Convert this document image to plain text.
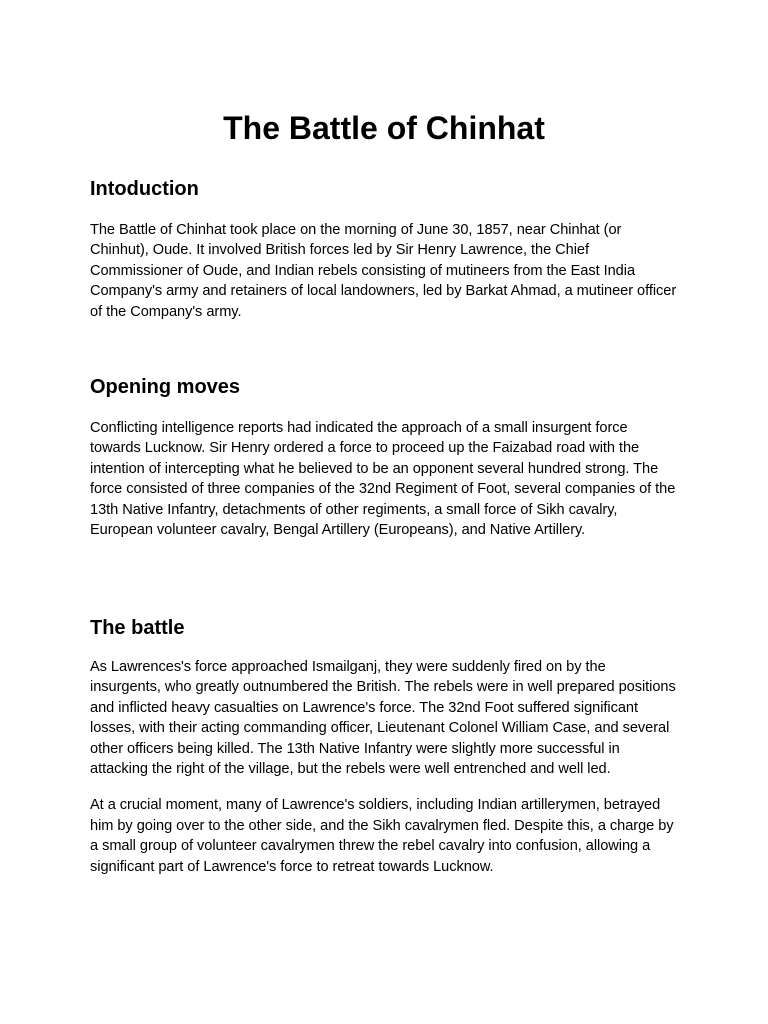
The Battle of Chinhat
Intoduction

The Battle of Chinhat took place on the morning of June 30, 1857, near Chinhat (or Chinhut), Oude. It involved British forces led by Sir Henry Lawrence, the Chief Commissioner of Oude, and Indian rebels consisting of mutineers from the East India Company's army and retainers of local landowners, led by Barkat Ahmad, a mutineer officer of the Company's army.

Opening moves

Conflicting intelligence reports had indicated the approach of a small insurgent force towards Lucknow. Sir Henry ordered a force to proceed up the Faizabad road with the intention of intercepting what he believed to be an opponent several hundred strong. The force consisted of three companies of the 32nd Regiment of Foot, several companies of the 13th Native Infantry, detachments of other regiments, a small force of Sikh cavalry, European volunteer cavalry, Bengal Artillery (Europeans), and Native Artillery.

The battle

As Lawrences's force approached Ismailganj, they were suddenly fired on by the insurgents, who greatly outnumbered the British. The rebels were in well prepared positions and inflicted heavy casualties on Lawrence's force. The 32nd Foot suffered significant losses, with their acting commanding officer, Lieutenant Colonel William Case, and several other officers being killed. The 13th Native Infantry were slightly more successful in attacking the right of the village, but the rebels were well entrenched and well led.

At a crucial moment, many of Lawrence's soldiers, including Indian artillerymen, betrayed him by going over to the other side, and the Sikh cavalrymen fled. Despite this, a charge by a small group of volunteer cavalrymen threw the rebel cavalry into confusion, allowing a significant part of Lawrence's force to retreat towards Lucknow.
